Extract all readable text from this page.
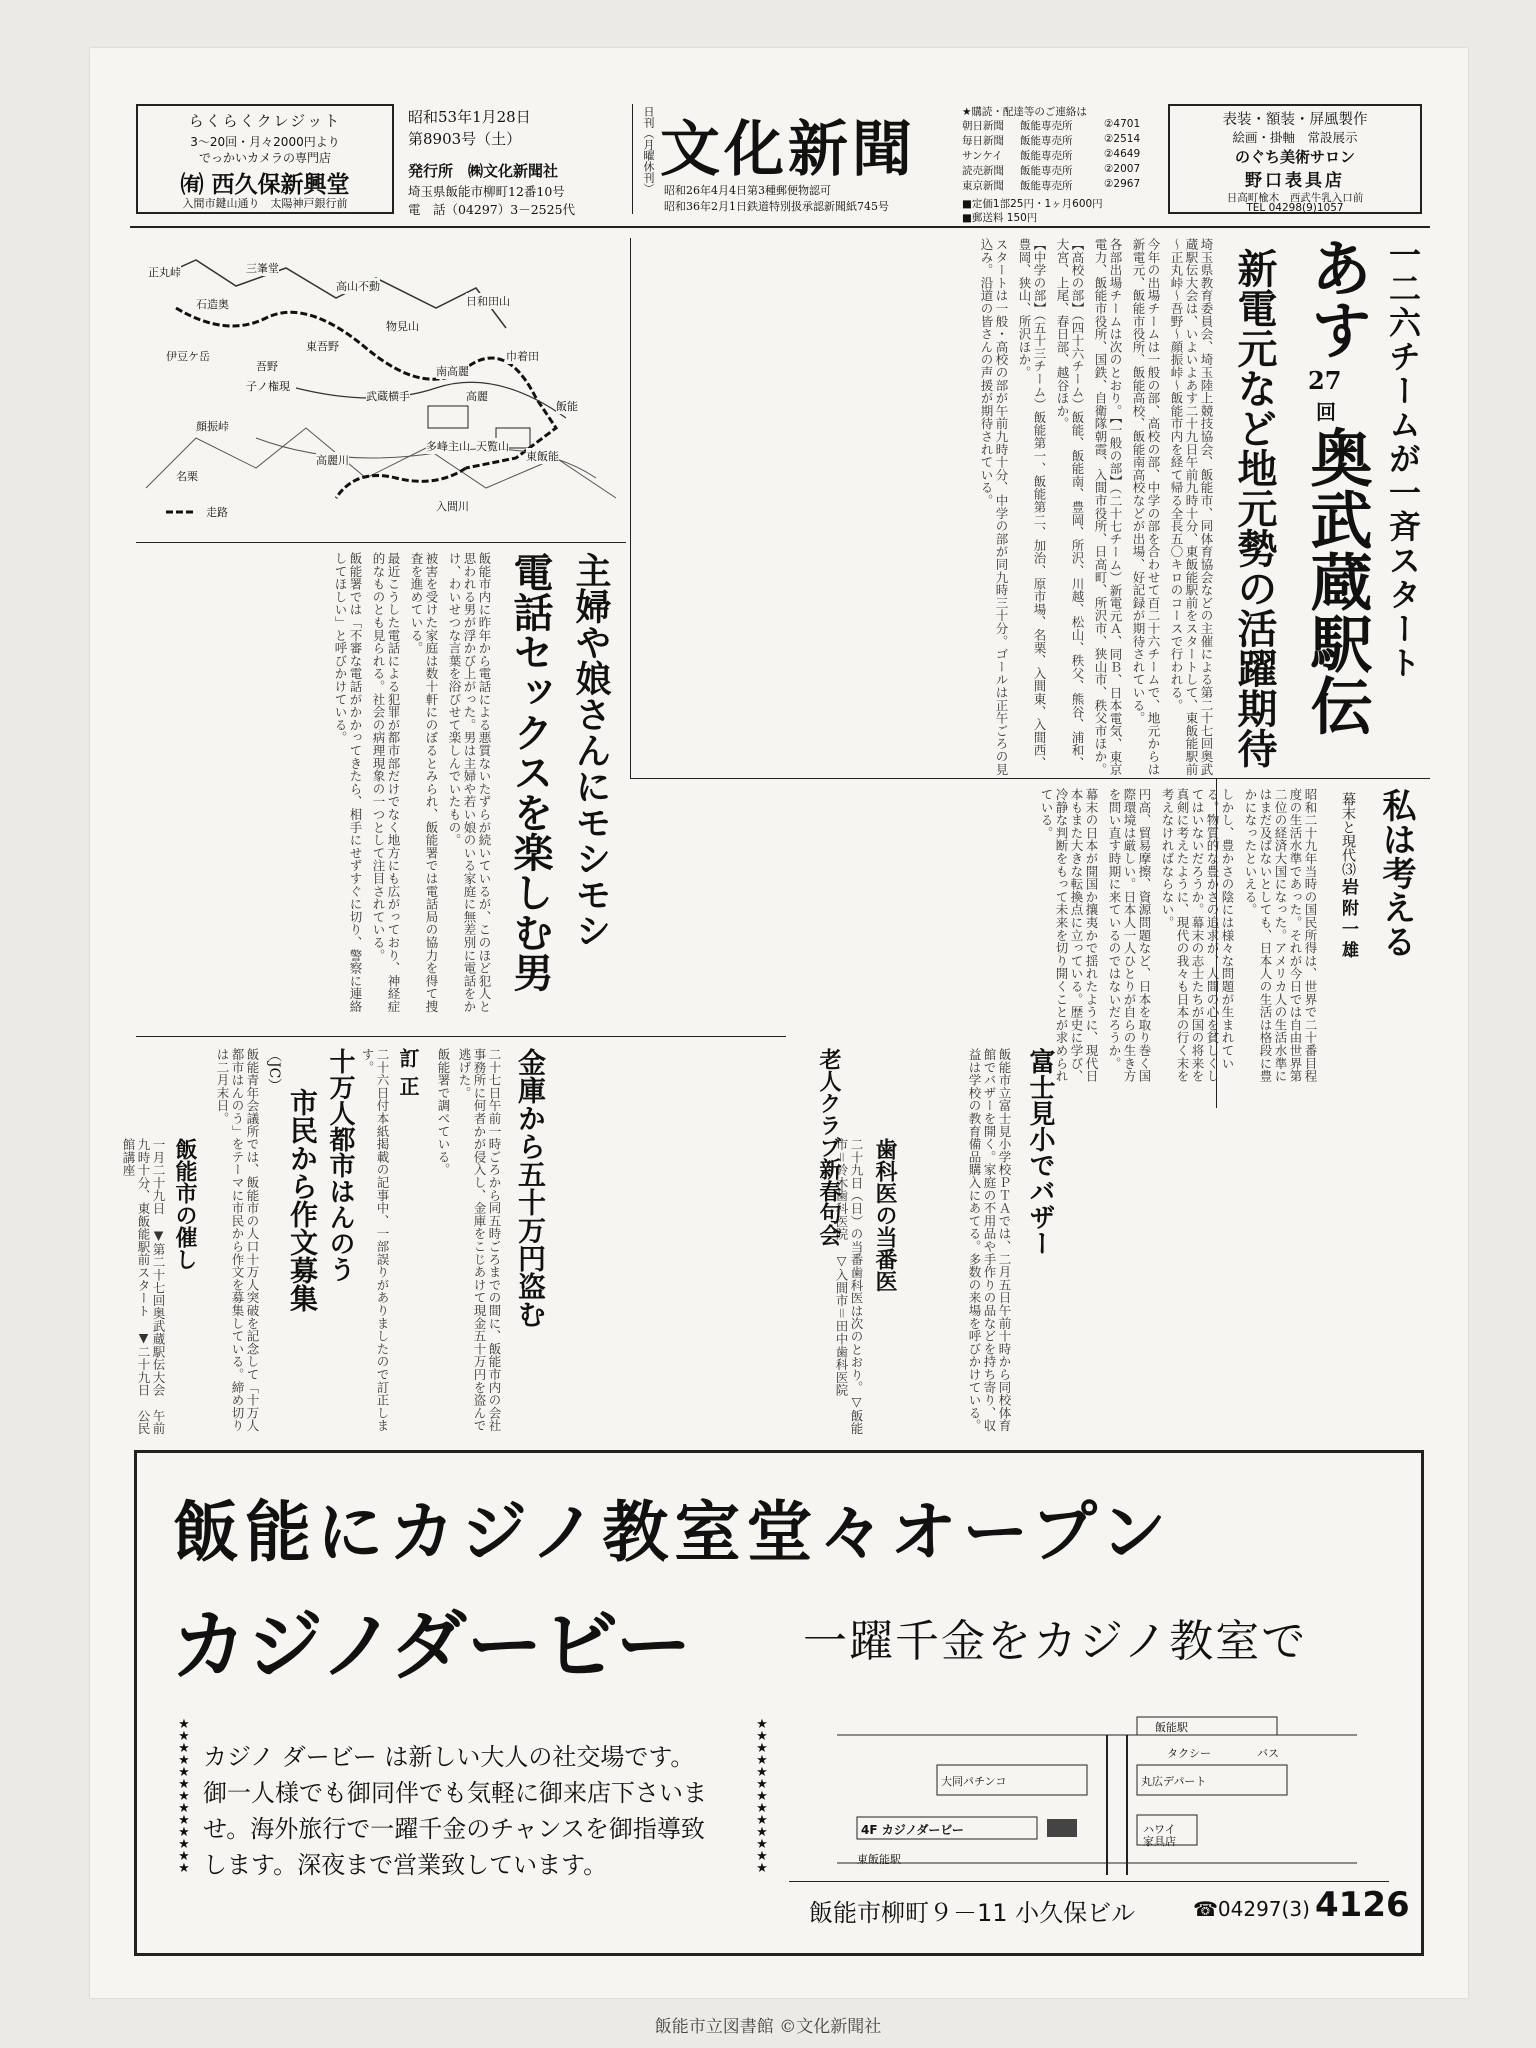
らくらくクレジット
3〜20回・月々2000円より
でっかいカメラの専門店
㈲ 西久保新興堂
入間市鍵山通り　太陽神戸銀行前
昭和53年1月28日
第8903号（土）
発行所　㈱文化新聞社
埼玉県飯能市柳町12番10号
電　話（04297）3－2525代
日刊（月曜休刊） 文化新聞
昭和26年4月4日第3種郵便物認可
昭和36年2月1日鉄道特別扱承認新聞紙745号
★購読・配達等のご連絡は
朝日新聞 飯能専売所	②4701
毎日新聞 飯能専売所	②2514
サンケイ 飯能専売所	②4649
読売新聞 飯能専売所	②2007
東京新聞 飯能専売所	②2967
■定価1部25円・1ヶ月600円
■郵送料 150円
表装・額装・屏風製作
絵画・掛軸　常設展示
のぐち美術サロン
野口表具店
日高町楡木　西武牛乳入口前
TEL 04298(9)1057
一二六チームが一斉スタート
あす
27
回
奥武蔵駅伝
新電元など地元勢の活躍期待

埼玉県教育委員会、埼玉陸上競技協会、飯能市、同体育協会などの主催による第二十七回奥武蔵駅伝大会は、いよいよあす二十九日午前九時十分、東飯能駅前をスタートして、東飯能駅前～正丸峠～吾野～顔振峠～飯能市内を経て帰る全長五〇キロのコースで行われる。

今年の出場チームは一般の部、高校の部、中学の部を合わせて百二十六チームで、地元からは新電元、飯能市役所、飯能高校、飯能南高校などが出場、好記録が期待されている。

各部出場チームは次のとおり。【一般の部】（二十七チーム）新電元Ａ、同Ｂ、日本電気、東京電力、飯能市役所、国鉄、自衛隊朝霞、入間市役所、日高町、所沢市、狭山市、秩父市ほか。

【高校の部】（四十六チーム）飯能、飯能南、豊岡、所沢、川越、松山、秩父、熊谷、浦和、大宮、上尾、春日部、越谷ほか。

【中学の部】（五十三チーム）飯能第一、飯能第二、加治、原市場、名栗、入間東、入間西、豊岡、狭山、所沢ほか。

スタートは一般・高校の部が午前九時十分、中学の部が同九時三十分。ゴールは正午ごろの見込み。沿道の皆さんの声援が期待されている。

正丸峠
石造奥
三峯堂
高山不動
伊豆ケ岳
子ノ権現
顔振峠
日和田山
物見山
東吾野
吾野	南高麗
武蔵横手	高麗
飯能
名栗
巾着田
天覧山
東飯能
多峰主山
走路	入間川
高麗川
主婦や娘さんにモシモシ
電話セックスを楽しむ男

飯能市内に昨年から電話による悪質ないたずらが続いているが、このほど犯人と思われる男が浮かび上がった。男は主婦や若い娘のいる家庭に無差別に電話をかけ、わいせつな言葉を浴びせて楽しんでいたもの。

被害を受けた家庭は数十軒にのぼるとみられ、飯能署では電話局の協力を得て捜査を進めている。

最近こうした電話による犯罪が都市部だけでなく地方にも広がっており、神経症的なものとも見られる。社会の病理現象の一つとして注目されている。

飯能署では「不審な電話がかかってきたら、相手にせずすぐに切り、警察に連絡してほしい」と呼びかけている。

私は考える
幕末と現代⑶
岩附一雄

昭和二十九年当時の国民所得は、世界で二十番目程度の生活水準であった。それが今日では自由世界第二位の経済大国になった。アメリカ人の生活水準にはまだ及ばないとしても、日本人の生活は格段に豊かになったといえる。

しかし、豊かさの陰には様々な問題が生まれている。物質的な豊かさの追求が、人間の心を貧しくしてはいないだろうか。幕末の志士たちが国の将来を真剣に考えたように、現代の我々も日本の行く末を考えなければならない。

円高、貿易摩擦、資源問題など、日本を取り巻く国際環境は厳しい。日本人一人ひとりが自らの生き方を問い直す時期に来ているのではないだろうか。

幕末の日本が開国か攘夷かで揺れたように、現代日本もまた大きな転換点に立っている。歴史に学び、冷静な判断をもって未来を切り開くことが求められている。

富士見小でバザー
飯能市立富士見小学校ＰＴＡでは、二月五日午前十時から同校体育館でバザーを開く。家庭の不用品や手作りの品などを持ち寄り、収益は学校の教育備品購入にあてる。多数の来場を呼びかけている。
歯科医の当番医
二十九日（日）の当番歯科医は次のとおり。▽飯能市＝鈴木歯科医院　▽入間市＝田中歯科医院
老人クラブ新春句会
金庫から五十万円盗む

二十七日午前一時ごろから同五時ごろまでの間に、飯能市内の会社事務所に何者かが侵入し、金庫をこじあけて現金五十万円を盗んで逃げた。

飯能署で調べている。

訂正
二十六日付本紙掲載の記事中、一部誤りがありましたので訂正します。
（JC） 十万人都市はんのう
市民から作文募集
飯能青年会議所では、飯能市の人口十万人突破を記念して「十万人都市はんのう」をテーマに市民から作文を募集している。締め切りは二月末日。
飯能市の催し
一月二十九日　▼第二十七回奥武蔵駅伝大会　午前九時十分、東飯能駅前スタート　▼二十九日　公民館講座
飯能にカジノ教室堂々オープン
カジノダービー	一躍千金をカジノ教室で
★
★
★
★
★
★
★
★
★
★
★
★
★
★
★
★
★
★
★
★
★
★
★
★
★
★
カジノ ダービー は新しい大人の社交場です。
御一人様でも御同伴でも気軽に御来店下さいま
せ。海外旅行で一躍千金のチャンスを御指導致
します。深夜まで営業致しています。
飯能駅
タクシー	バス
大同パチンコ	丸広デパート
4F カジノダービー	ハワイ
東飯能駅
家具店
飯能市柳町９－11 小久保ビル	☎04297(3) 4126
飯能市立図書館 ©文化新聞社
